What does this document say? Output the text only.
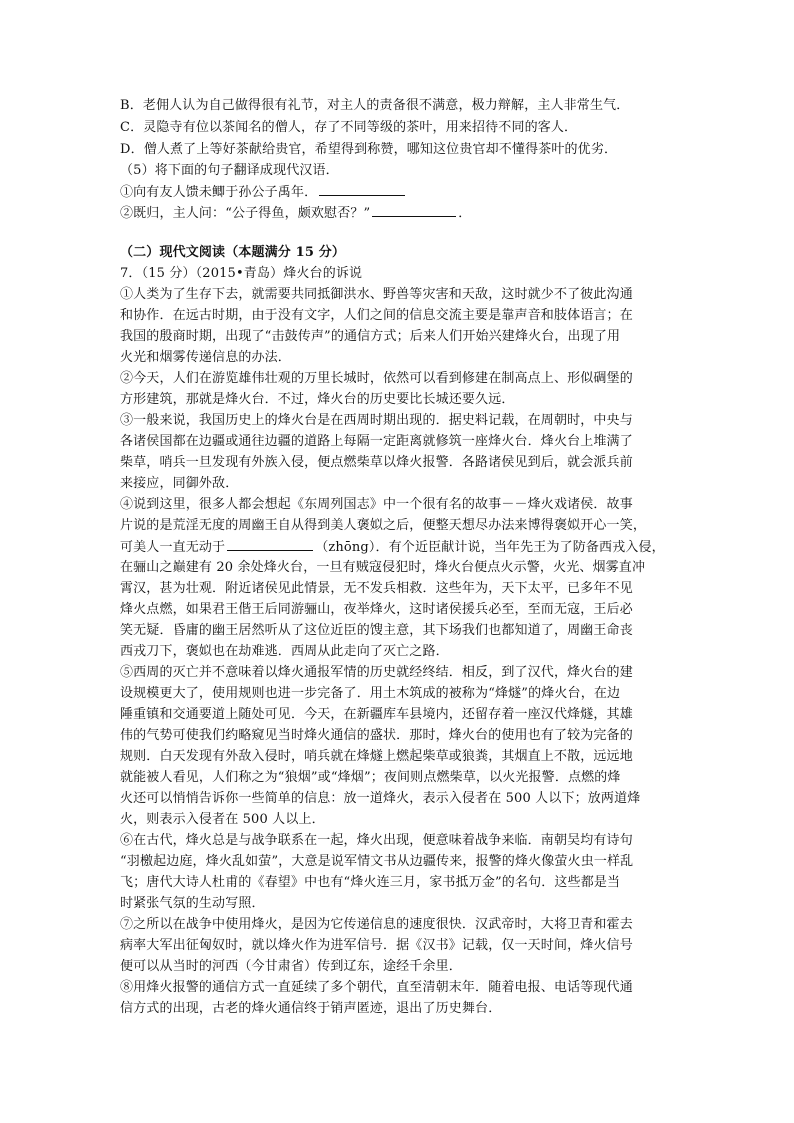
B．老佣人认为自己做得很有礼节，对主人的责备很不满意，极力辩解，主人非常生气．
C．灵隐寺有位以茶闻名的僧人，存了不同等级的茶叶，用来招待不同的客人．
D．僧人煮了上等好茶献给贵官，希望得到称赞，哪知这位贵官却不懂得茶叶的优劣．
（5）将下面的句子翻译成现代汉语．
①向有友人馈未鲫于孙公子禹年．
②既归，主人问：“公子得鱼，颇欢慰否？”	．
（二）现代文阅读（本题满分 15 分）
7．（15 分）（2015•青岛）烽火台的诉说
①人类为了生存下去，就需要共同抵御洪水、野兽等灾害和天敌，这时就少不了彼此沟通
和协作．在远古时期，由于没有文字，人们之间的信息交流主要是靠声音和肢体语言；在
我国的殷商时期，出现了“击鼓传声”的通信方式；后来人们开始兴建烽火台，出现了用
火光和烟雾传递信息的办法．
②今天，人们在游览雄伟壮观的万里长城时，依然可以看到修建在制高点上、形似碉堡的
方形建筑，那就是烽火台．不过，烽火台的历史要比长城还要久远．
③一般来说，我国历史上的烽火台是在西周时期出现的．据史料记载，在周朝时，中央与
各诸侯国都在边疆或通往边疆的道路上每隔一定距离就修筑一座烽火台．烽火台上堆满了
柴草，哨兵一旦发现有外族入侵，便点燃柴草以烽火报警．各路诸侯见到后，就会派兵前
来接应，同御外敌．
④说到这里，很多人都会想起《东周列国志》中一个很有名的故事－－烽火戏诸侯．故事
片说的是荒淫无度的周幽王自从得到美人褒姒之后，便整天想尽办法来博得褒姒开心一笑，
可美人一直无动于	（zhōng）．有个近臣献计说，当年先王为了防备西戎入侵，
在骊山之巅建有 20 余处烽火台，一旦有贼寇侵犯时，烽火台便点火示警，火光、烟雾直冲
霄汉，甚为壮观．附近诸侯见此情景，无不发兵相救．这些年为，天下太平，已多年不见
烽火点燃，如果君王偕王后同游骊山，夜举烽火，这时诸侯援兵必至，至而无寇，王后必
笑无疑．昏庸的幽王居然听从了这位近臣的馊主意，其下场我们也都知道了，周幽王命丧
西戎刀下，褒姒也在劫难逃．西周从此走向了灭亡之路．
⑤西周的灭亡并不意味着以烽火通报军情的历史就经终结．相反，到了汉代，烽火台的建
设规模更大了，使用规则也进一步完备了．用土木筑成的被称为“烽燧”的烽火台，在边
陲重镇和交通要道上随处可见．今天，在新疆库车县境内，还留存着一座汉代烽燧，其雄
伟的气势可使我们约略窥见当时烽火通信的盛状．那时，烽火台的使用也有了较为完备的
规则．白天发现有外敌入侵时，哨兵就在烽燧上燃起柴草或狼粪，其烟直上不散，远远地
就能被人看见，人们称之为“狼烟”或“烽烟”；夜间则点燃柴草，以火光报警．点燃的烽
火还可以悄悄告诉你一些简单的信息：放一道烽火，表示入侵者在 500 人以下；放两道烽
火，则表示入侵者在 500 人以上．
⑥在古代，烽火总是与战争联系在一起，烽火出现，便意味着战争来临．南朝吴均有诗句
“羽檄起边庭，烽火乱如萤”，大意是说军情文书从边疆传来，报警的烽火像萤火虫一样乱
飞；唐代大诗人杜甫的《春望》中也有“烽火连三月，家书抵万金”的名句．这些都是当
时紧张气氛的生动写照．
⑦之所以在战争中使用烽火，是因为它传递信息的速度很快．汉武帝时，大将卫青和霍去
病率大军出征匈奴时，就以烽火作为进军信号．据《汉书》记载，仅一天时间，烽火信号
便可以从当时的河西（今甘肃省）传到辽东，途经千余里．
⑧用烽火报警的通信方式一直延续了多个朝代，直至清朝末年．随着电报、电话等现代通
信方式的出现，古老的烽火通信终于销声匿迹，退出了历史舞台．
